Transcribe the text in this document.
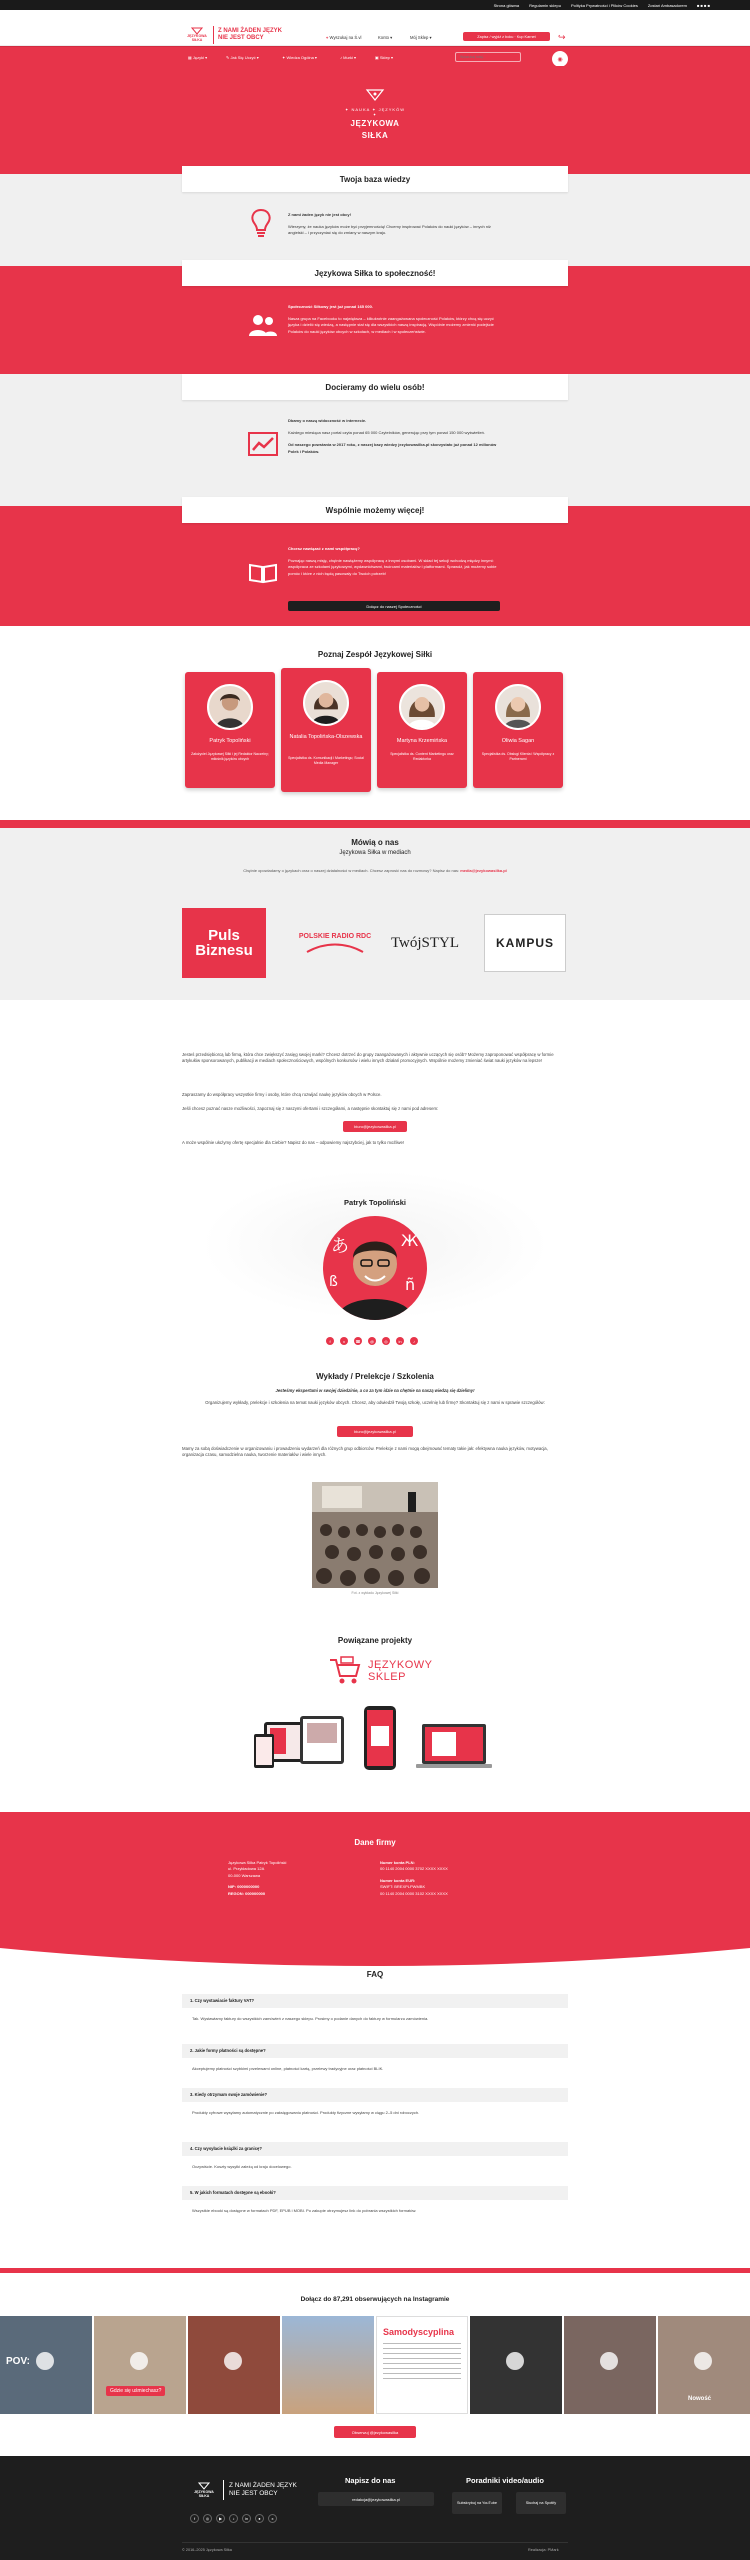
Strona główna	Regulamin sklepu	Polityka Prywatności i Plików Cookies	Zostań Ambasadorem	■ ■ ■ ■
JĘZYKOWA SIŁKA
Z NAMI ŻADEN JĘZYK
NIE JEST OBCY	⌖ Wyszukaj na Ś.vl	Konto ▾	Mój Sklep ▾	Zapisz / wyjdź z boku · Kup Karnet	↪
▦ Języki ▾	✎ Jak Się Uczyć ▾	✦ Wiedza Ogólna ▾	♪ Murki ▾	▣ Sklep ▾
Wyszukaj tutaj...	◉
✦ NAUKA ✦ JĘZYKÓW ✦
JĘZYKOWA
SIŁKA
Twoja baza wiedzy

Z nami żaden język nie jest obcy!

Wierzymy, że nauka języków może być przyjemnością! Chcemy inspirować Polaków do nauki języków – innych niż angielski – i przyczyniać się do zmiany w naszym kraju.

Językowa Siłka to społeczność!

Społeczność Siłkowy jest już ponad 165 000.

Nasza grupa na Facebooku to największa – kilkukrotnie zaangażowana społeczność Polaków, którzy chcą się uczyć języka i dzielić się wiedzą, a następnie stał się dla wszystkich naszą inspiracją. Wspólnie możemy zmienić podejście Polaków do nauki języków obcych w szkołach, w mediach i w społeczeństwie.

Docieramy do wielu osób!

Dbamy o naszą widoczność w internecie.

Każdego miesiąca nasz portal czyta ponad 65 000 Czytelników, generując przy tym ponad 150 000 wyświetleń.

Od naszego powstania w 2017 roku, z naszej bazy wiedzy jezykowasilka.pl skorzystało już ponad 12 milionów Polek i Polaków.

Wspólnie możemy więcej!

Chcesz nawiązać z nami współpracę?

Poznając naszą misję, chętnie nawiążemy współpracę z innymi osobami. W skład tej sekcji wchodzą między innymi: współpraca ze szkołami językowymi, wydawnictwami, twórcami materiałów i platformami. Sprawdź, jak możemy sobie pomóc i które z nich będą pasowały do Twoich potrzeb!

Dołącz do naszej Społeczności
Poznaj Zespół Językowej Siłki
Patryk Topoliński
Założyciel Językowej Siłki i jej Redaktor Naczelny; miłośnik języków obcych
Natalia Topolińska-Olszewska
Specjalistka ds. Komunikacji i Marketingu; Social Media Manager
Martyna Krzemińska
Specjalistka ds. Content Marketingu oraz Redaktorka
Oliwia Sagan
Specjalistka ds. Obsługi Klienta i Współpracy z Partnerami
Mówią o nas
Językowa Siłka w mediach
Chętnie opowiadamy o językach oraz o naszej działalności w mediach. Chcesz zaprosić nas do rozmowy? Napisz do nas: media@jezykowasilka.pl
Puls Biznesu
POLSKIE RADIO RDC TwójSTYL	KAMPUS
Jesteś przedsiębiorcą lub firmą, która chce zwiększyć zasięg swojej marki? Chcesz dotrzeć do grupy zaangażowanych i aktywnie uczących się osób? Możemy zaproponować współpracę w formie artykułów sponsorowanych, publikacji w mediach społecznościowych, wspólnych konkursów i wielu innych działań promocyjnych. Wspólnie możemy zmieniać świat nauki języków na lepsze!
Zapraszamy do współpracy wszystkie firmy i osoby, które chcą rozwijać naukę języków obcych w Polsce.
Jeśli chcesz poznać nasze możliwości, zapoznaj się z naszymi ofertami i szczegółami, a następnie skontaktuj się z nami pod adresem:
biuro@jezykowasilka.pl
A może wspólnie ułożymy ofertę specjalnie dla Ciebie? Napisz do nas – odpowiemy najszybciej, jak to tylko możliwe!
Patryk Topoliński
あ	Ж
ß	ñ
f	x	☎	@	◎	in	♪
Wykłady / Prelekcje / Szkolenia
Jesteśmy ekspertami w swojej dziedzinie, a co za tym idzie na chętnie na naszą wiedzą się dzielimy!
Organizujemy wykłady, prelekcje i szkolenia na temat nauki języków obcych. Chcesz, aby odwiedził Twoją szkołę, uczelnię lub firmę? Skontaktuj się z nami w sprawie szczegółów:
biuro@jezykowasilka.pl
Mamy za sobą doświadczenie w organizowaniu i prowadzeniu wydarzeń dla różnych grup odbiorców. Prelekcje z nami mogą obejmować tematy takie jak: efektywna nauka języków, motywacja, organizacja czasu, samodzielna nauka, tworzenie materiałów i wiele innych.
Fot. z wykładu Językowej Siłki
Powiązane projekty
JĘZYKOWY
SKLEP
Dane firmy
Językowa Siłka Patryk Topoliński
ul. Przykładowa 12A
00-000 Warszawa
NIP: 0000000000
REGON: 000000000
Numer konta PLN:
00 1140 2004 0000 3702 XXXX XXXX
Numer konta EUR:
SWIFT: BREXPLPWMBK
00 1140 2004 0000 3102 XXXX XXXX
FAQ
1. Czy wystawiacie faktury VAT?
Tak. Wystawiamy faktury do wszystkich zamówień z naszego sklepu. Prosimy o podanie danych do faktury w formularzu zamówienia.
2. Jakie formy płatności są dostępne?
Akceptujemy płatności szybkimi przelewami online, płatności kartą, przelewy tradycyjne oraz płatności BLIK.
3. Kiedy otrzymam swoje zamówienie?
Produkty cyfrowe wysyłamy automatycznie po zaksięgowaniu płatności. Produkty fizyczne wysyłamy w ciągu 2–5 dni roboczych.
4. Czy wysyłacie książki za granicę?
Oczywiście. Koszty wysyłki zależą od kraju docelowego.
5. W jakich formatach dostępne są ebooki?
Wszystkie ebooki są dostępne w formatach PDF, EPUB i MOBI. Po zakupie otrzymujesz link do pobrania wszystkich formatów.
Dołącz do 87,291 obserwujących na Instagramie
POV:
Gdzie się uśmiechasz?
Samodyscyplina
Nowość
Obserwuj @jezykowasilka
JĘZYKOWA SIŁKA
Z NAMI ŻADEN JĘZYK
NIE JEST OBCY
f	◎	▶	♪	in	●	x
Napisz do nas
redakcja@jezykowasilka.pl
Poradniki video/audio
Subskrybuj na YouTube	Słuchaj na Spotify
© 2016–2025 Językowa Siłka	Realizacja: PMark
